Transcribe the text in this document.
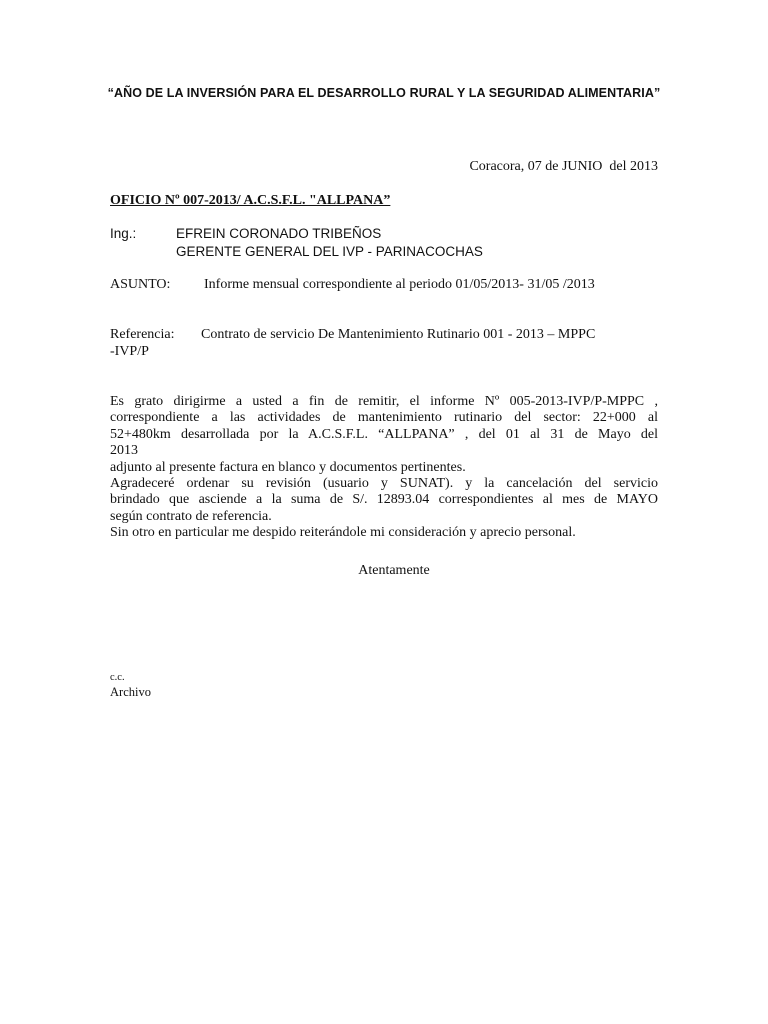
“AÑO DE LA INVERSIÓN PARA EL DESARROLLO RURAL Y LA SEGURIDAD ALIMENTARIA”
Coracora, 07 de JUNIO  del 2013
OFICIO Nº 007-2013/ A.C.S.F.L. "ALLPANA”
Ing.:	EFREIN CORONADO TRIBEÑOS
GERENTE GENERAL DEL IVP - PARINACOCHAS
ASUNTO: Informe mensual correspondiente al periodo 01/05/2013- 31/05 /2013
Referencia: Contrato de servicio De Mantenimiento Rutinario 001 - 2013 – MPPC
-IVP/P

Es grato dirigirme a usted a fin de remitir, el informe Nº 005-2013-IVP/P-MPPC ,

correspondiente a las actividades de mantenimiento rutinario del sector: 22+000 al

52+480km desarrollada por la A.C.S.F.L. “ALLPANA” , del 01 al 31 de Mayo del

2013

adjunto al presente factura en blanco y documentos pertinentes.

Agradeceré ordenar su revisión (usuario y SUNAT). y la cancelación del servicio

brindado que asciende a la suma de S/. 12893.04 correspondientes al mes de MAYO

según contrato de referencia.

Sin otro en particular me despido reiterándole mi consideración y aprecio personal.

Atentamente
c.c.
Archivo
